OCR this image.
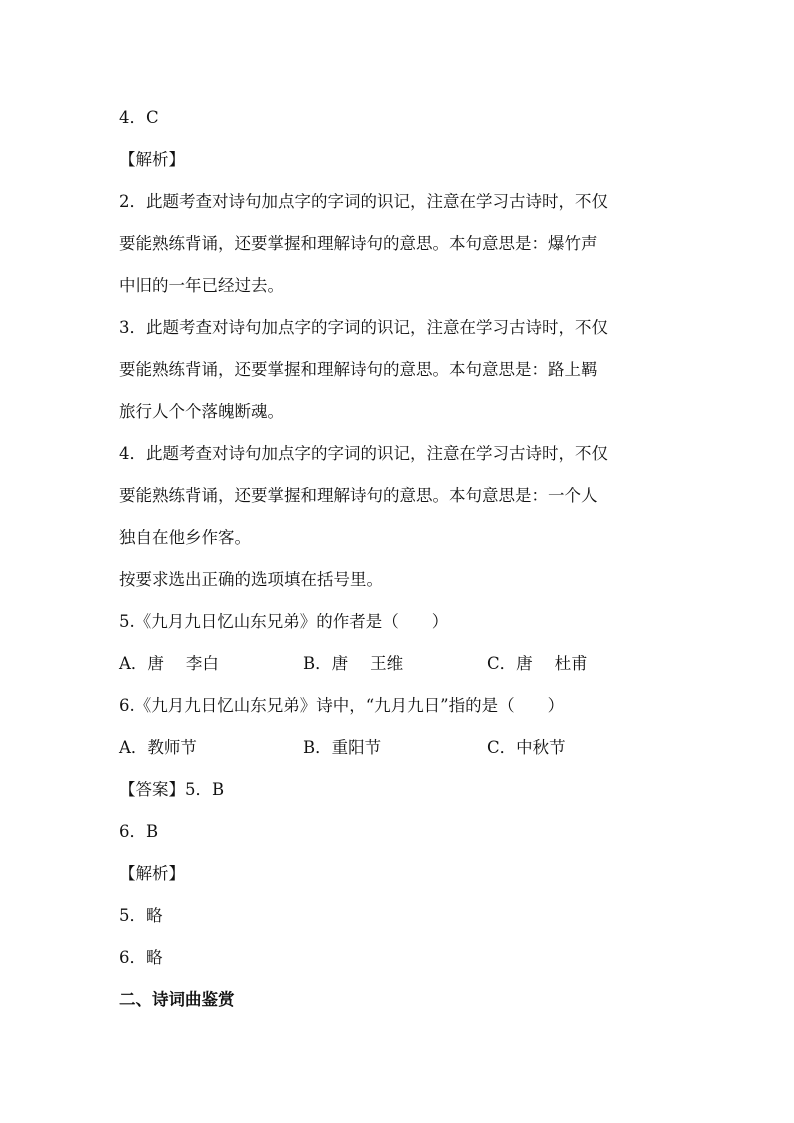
4．C
【解析】
2．此题考查对诗句加点字的字词的识记，注意在学习古诗时，不仅
要能熟练背诵，还要掌握和理解诗句的意思。本句意思是：爆竹声
中旧的一年已经过去。
3．此题考查对诗句加点字的字词的识记，注意在学习古诗时，不仅
要能熟练背诵，还要掌握和理解诗句的意思。本句意思是：路上羁
旅行人个个落魄断魂。
4．此题考查对诗句加点字的字词的识记，注意在学习古诗时，不仅
要能熟练背诵，还要掌握和理解诗句的意思。本句意思是：一个人
独自在他乡作客。
按要求选出正确的选项填在括号里。
5.《九月九日忆山东兄弟》的作者是（　　）
A．唐 李白	B．唐 王维	C．唐 杜甫
6.《九月九日忆山东兄弟》诗中，“九月九日”指的是（　　）
A．教师节	B．重阳节	C．中秋节
【答案】5．B
6．B
【解析】
5．略
6．略
二、诗词曲鉴赏
